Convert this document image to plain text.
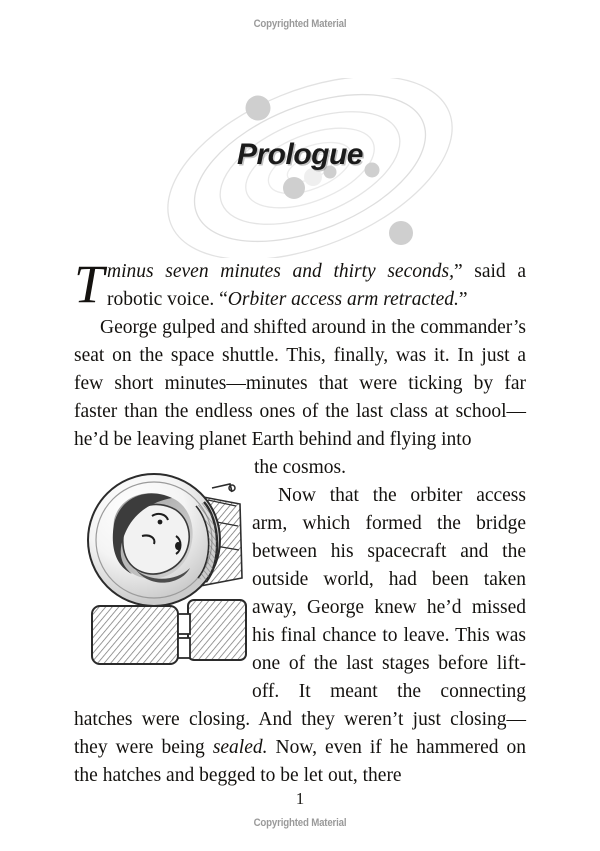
Copyrighted Material
Prologue

Tminus seven minutes and thirty seconds,” said a robotic voice. “Orbiter access arm retracted.”

George gulped and shifted around in the commander’s seat on the space shuttle. This, finally, was it. In just a few short minutes—minutes that were ticking by far faster than the endless ones of the last class at school—he’d be leaving planet Earth behind and flying into

the cosmos.

Now that the orbiter access arm, which formed the bridge between his spacecraft and the outside world, had been taken away, George knew he’d missed his final chance to leave. This was one of the last stages before lift-off. It meant the connecting hatches were closing. And they weren’t just closing—they were being sealed. Now, even if he hammered on the hatches and begged to be let out, there

1
Copyrighted Material
